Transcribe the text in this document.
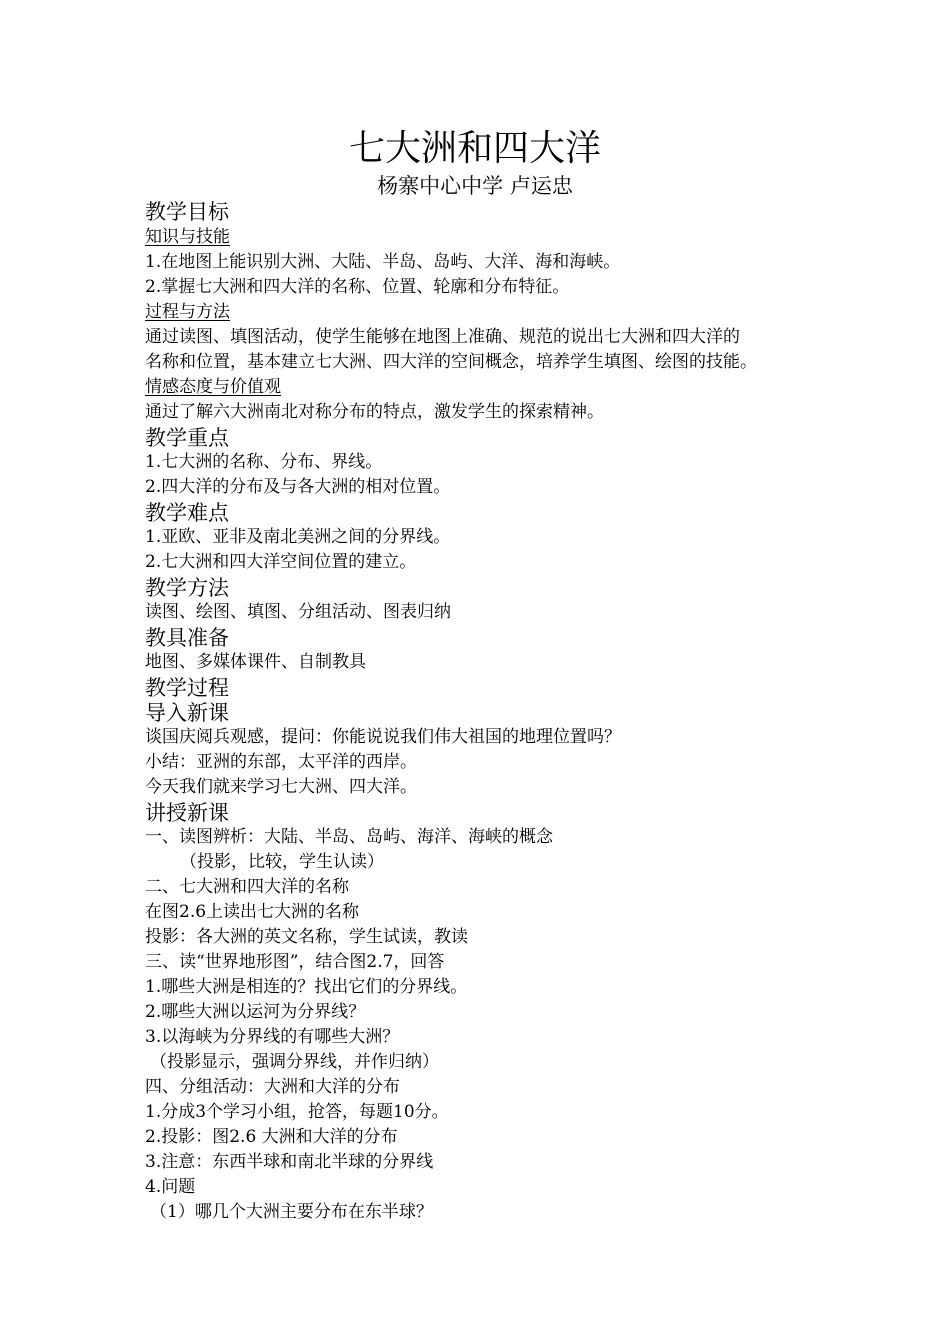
七大洲和四大洋
杨寨中心中学 卢运忠
教学目标
知识与技能
1.在地图上能识别大洲、大陆、半岛、岛屿、大洋、海和海峡。
2.掌握七大洲和四大洋的名称、位置、轮廓和分布特征。
过程与方法
通过读图、填图活动，使学生能够在地图上准确、规范的说出七大洲和四大洋的
名称和位置，基本建立七大洲、四大洋的空间概念，培养学生填图、绘图的技能。
情感态度与价值观
通过了解六大洲南北对称分布的特点，激发学生的探索精神。
教学重点
1.七大洲的名称、分布、界线。
2.四大洋的分布及与各大洲的相对位置。
教学难点
1.亚欧、亚非及南北美洲之间的分界线。
2.七大洲和四大洋空间位置的建立。
教学方法
读图、绘图、填图、分组活动、图表归纳
教具准备
地图、多媒体课件、自制教具
教学过程
导入新课
谈国庆阅兵观感，提问：你能说说我们伟大祖国的地理位置吗？
小结：亚洲的东部，太平洋的西岸。
今天我们就来学习七大洲、四大洋。
讲授新课
一、读图辨析：大陆、半岛、岛屿、海洋、海峡的概念
（投影，比较，学生认读）
二、七大洲和四大洋的名称
在图2.6上读出七大洲的名称
投影：各大洲的英文名称，学生试读，教读
三、读“世界地形图”，结合图2.7，回答
1.哪些大洲是相连的？找出它们的分界线。
2.哪些大洲以运河为分界线？
3.以海峡为分界线的有哪些大洲？
（投影显示，强调分界线，并作归纳）
四、分组活动：大洲和大洋的分布
1.分成3个学习小组，抢答，每题10分。
2.投影：图2.6 大洲和大洋的分布
3.注意：东西半球和南北半球的分界线
4.问题
（1）哪几个大洲主要分布在东半球？
